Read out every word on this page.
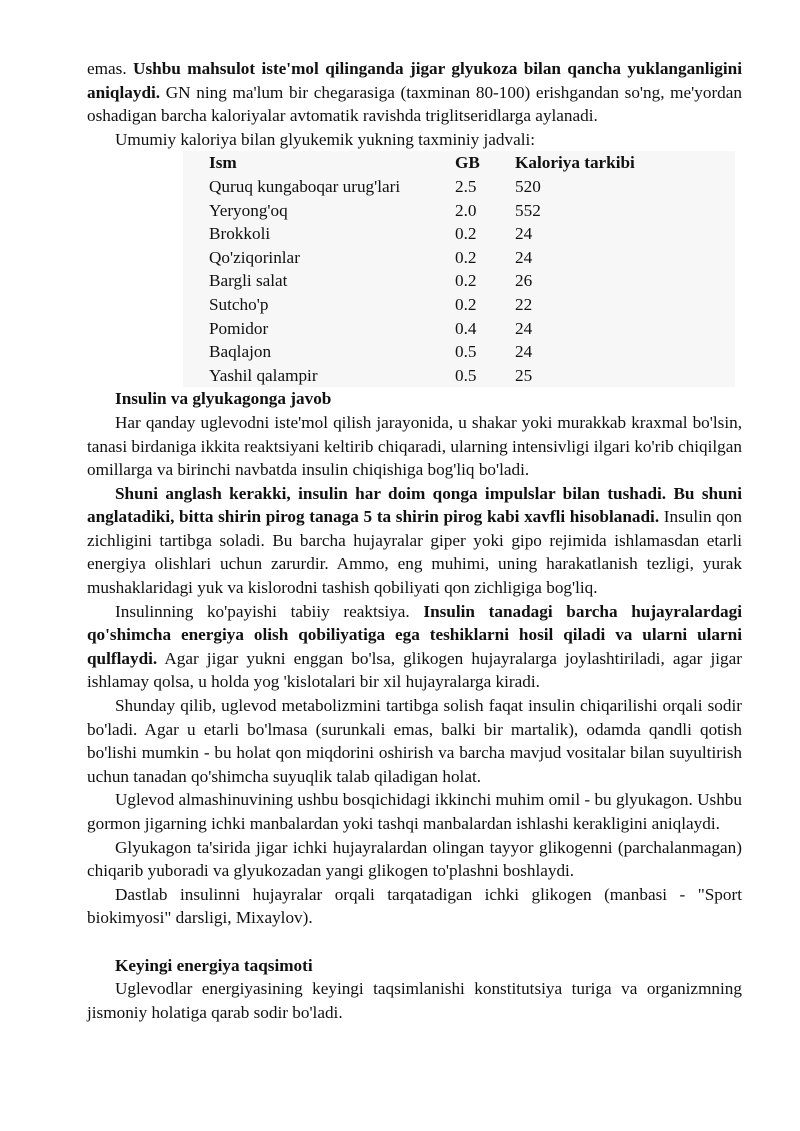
emas. Ushbu mahsulot iste'mol qilinganda jigar glyukoza bilan qancha yuklanganligini aniqlaydi. GN ning ma'lum bir chegarasiga (taxminan 80-100) erishgandan so'ng, me'yordan oshadigan barcha kaloriyalar avtomatik ravishda triglitseridlarga aylanadi.

Umumiy kaloriya bilan glyukemik yukning taxminiy jadvali:

Ism	GB	Kaloriya tarkibi
Quruq kungaboqar urug'lari	2.5	520
Yeryong'oq	2.0	552
Brokkoli	0.2	24
Qo'ziqorinlar	0.2	24
Bargli salat	0.2	26
Sutcho'p	0.2	22
Pomidor	0.4	24
Baqlajon	0.5	24
Yashil qalampir	0.5	25

Insulin va glyukagonga javob

Har qanday uglevodni iste'mol qilish jarayonida, u shakar yoki murakkab kraxmal bo'lsin, tanasi birdaniga ikkita reaktsiyani keltirib chiqaradi, ularning intensivligi ilgari ko'rib chiqilgan omillarga va birinchi navbatda insulin chiqishiga bog'liq bo'ladi.

Shuni anglash kerakki, insulin har doim qonga impulslar bilan tushadi. Bu shuni anglatadiki, bitta shirin pirog tanaga 5 ta shirin pirog kabi xavfli hisoblanadi. Insulin qon zichligini tartibga soladi. Bu barcha hujayralar giper yoki gipo rejimida ishlamasdan etarli energiya olishlari uchun zarurdir. Ammo, eng muhimi, uning harakatlanish tezligi, yurak mushaklaridagi yuk va kislorodni tashish qobiliyati qon zichligiga bog'liq.

Insulinning ko'payishi tabiiy reaktsiya. Insulin tanadagi barcha hujayralardagi qo'shimcha energiya olish qobiliyatiga ega teshiklarni hosil qiladi va ularni ularni qulflaydi. Agar jigar yukni enggan bo'lsa, glikogen hujayralarga joylashtiriladi, agar jigar ishlamay qolsa, u holda yog 'kislotalari bir xil hujayralarga kiradi.

Shunday qilib, uglevod metabolizmini tartibga solish faqat insulin chiqarilishi orqali sodir bo'ladi. Agar u etarli bo'lmasa (surunkali emas, balki bir martalik), odamda qandli qotish bo'lishi mumkin - bu holat qon miqdorini oshirish va barcha mavjud vositalar bilan suyultirish uchun tanadan qo'shimcha suyuqlik talab qiladigan holat.

Uglevod almashinuvining ushbu bosqichidagi ikkinchi muhim omil - bu glyukagon. Ushbu gormon jigarning ichki manbalardan yoki tashqi manbalardan ishlashi kerakligini aniqlaydi.

Glyukagon ta'sirida jigar ichki hujayralardan olingan tayyor glikogenni (parchalanmagan) chiqarib yuboradi va glyukozadan yangi glikogen to'plashni boshlaydi.

Dastlab insulinni hujayralar orqali tarqatadigan ichki glikogen (manbasi - "Sport biokimyosi" darsligi, Mixaylov).

Keyingi energiya taqsimoti

Uglevodlar energiyasining keyingi taqsimlanishi konstitutsiya turiga va organizmning jismoniy holatiga qarab sodir bo'ladi.
